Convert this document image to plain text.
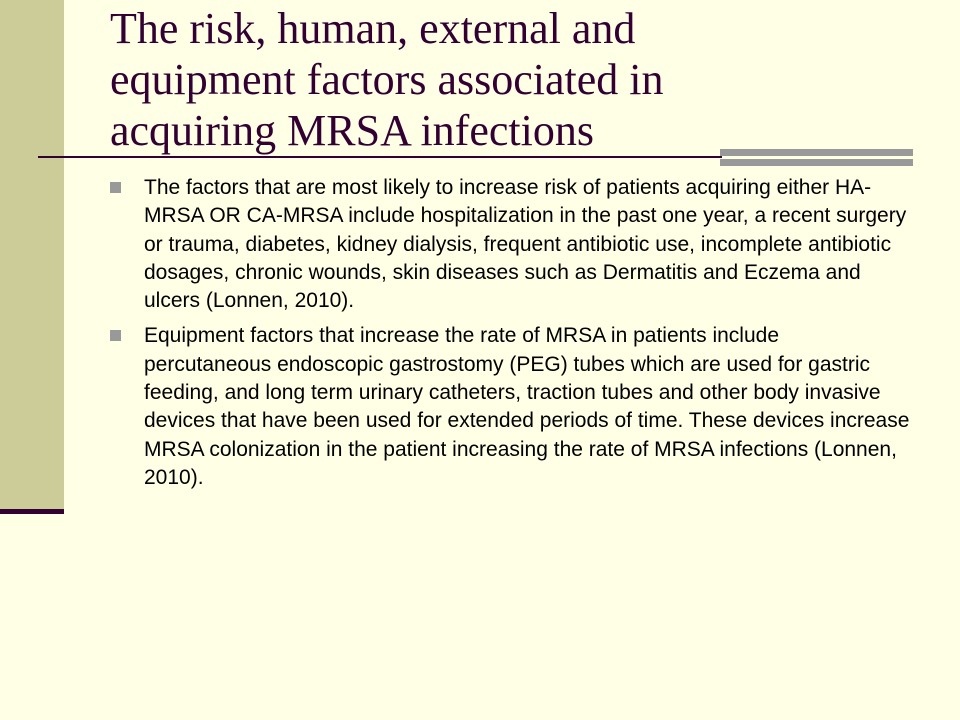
The risk, human, external and equipment factors associated in acquiring MRSA infections
The factors that are most likely to increase risk of patients acquiring either HA-MRSA OR CA-MRSA include hospitalization in the past one year, a recent surgery or trauma, diabetes, kidney dialysis, frequent antibiotic use, incomplete antibiotic dosages, chronic wounds, skin diseases such as Dermatitis and Eczema and ulcers (Lonnen, 2010).
Equipment factors that increase the rate of MRSA in patients include percutaneous endoscopic gastrostomy (PEG) tubes which are used for gastric feeding, and long term urinary catheters, traction tubes and other body invasive devices that have been used for extended periods of time. These devices increase MRSA colonization in the patient increasing the rate of MRSA infections (Lonnen, 2010).
